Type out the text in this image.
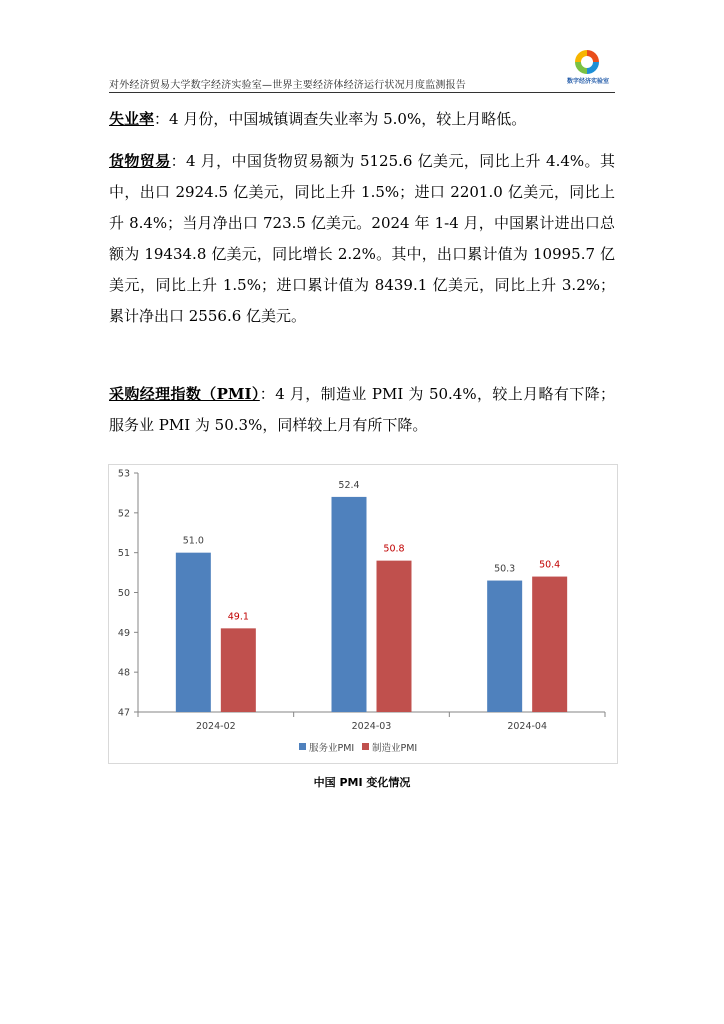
对外经济贸易大学数字经济实验室—世界主要经济体经济运行状况月度监测报告	数字经济实验室

失业率：4 月份，中国城镇调查失业率为 5.0%，较上月略低。

货物贸易：4 月，中国货物贸易额为 5125.6 亿美元，同比上升 4.4%。其中，出口 2924.5 亿美元，同比上升 1.5%；进口 2201.0 亿美元，同比上升 8.4%；当月净出口 723.5 亿美元。2024 年 1-4 月，中国累计进出口总额为 19434.8 亿美元，同比增长 2.2%。其中，出口累计值为 10995.7 亿美元，同比上升 1.5%；进口累计值为 8439.1 亿美元，同比上升 3.2%；累计净出口 2556.6 亿美元。

采购经理指数（PMI）：4 月，制造业 PMI 为 50.4%，较上月略有下降；服务业 PMI 为 50.3%，同样较上月有所下降。

47
48
49
50
51
52
53
2024-02
51.0
49.1
2024-03
52.4
50.8
2024-04
50.3	50.4
服务业PMI 制造业PMI
中国 PMI 变化情况
